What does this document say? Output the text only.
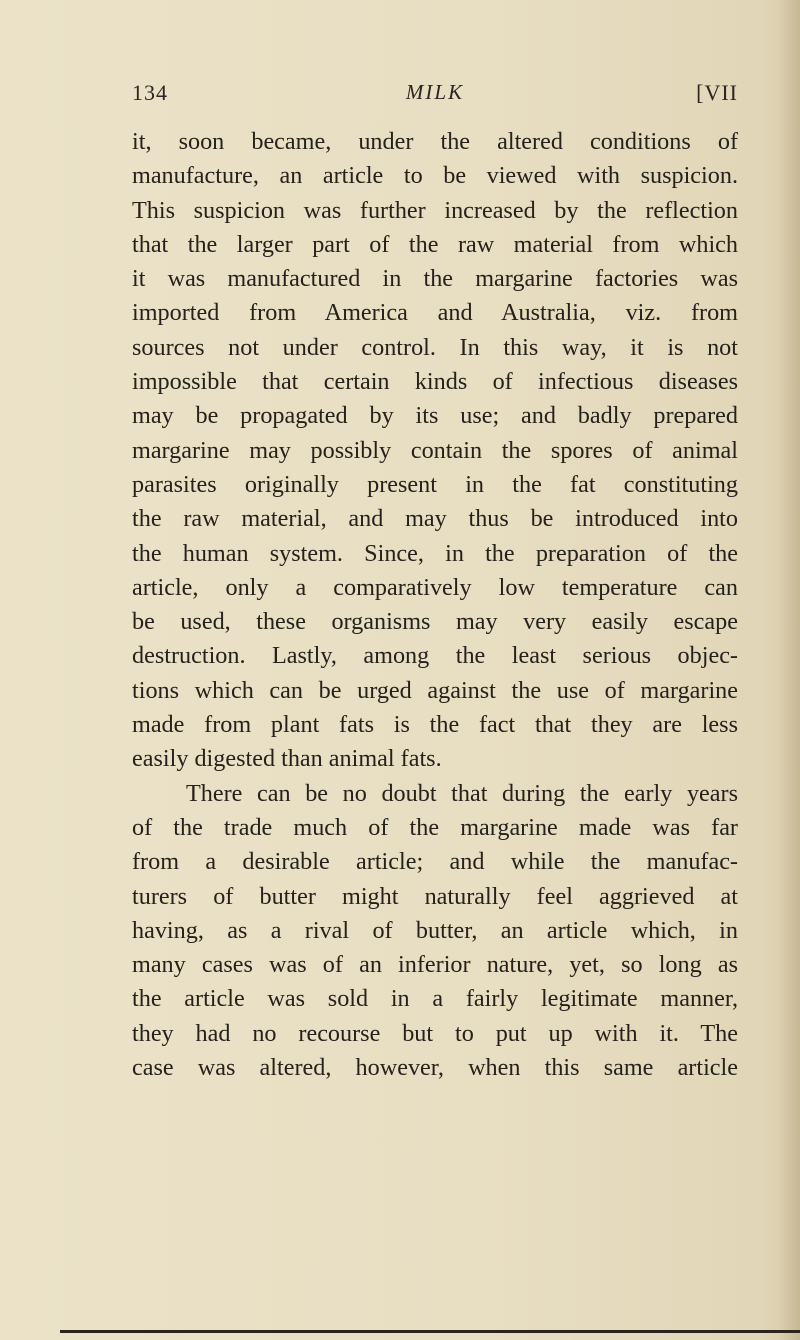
134	MILK	[VII
it, soon became, under the altered conditions of
manufacture, an article to be viewed with suspicion.
This suspicion was further increased by the reflection
that the larger part of the raw material from which
it was manufactured in the margarine factories was
imported from America and Australia, viz. from
sources not under control. In this way, it is not
impossible that certain kinds of infectious diseases
may be propagated by its use; and badly prepared
margarine may possibly contain the spores of animal
parasites originally present in the fat constituting
the raw material, and may thus be introduced into
the human system. Since, in the preparation of the
article, only a comparatively low temperature can
be used, these organisms may very easily escape
destruction. Lastly, among the least serious objec-
tions which can be urged against the use of margarine
made from plant fats is the fact that they are less
easily digested than animal fats.
There can be no doubt that during the early years
of the trade much of the margarine made was far
from a desirable article; and while the manufac-
turers of butter might naturally feel aggrieved at
having, as a rival of butter, an article which, in
many cases was of an inferior nature, yet, so long as
the article was sold in a fairly legitimate manner,
they had no recourse but to put up with it. The
case was altered, however, when this same article
